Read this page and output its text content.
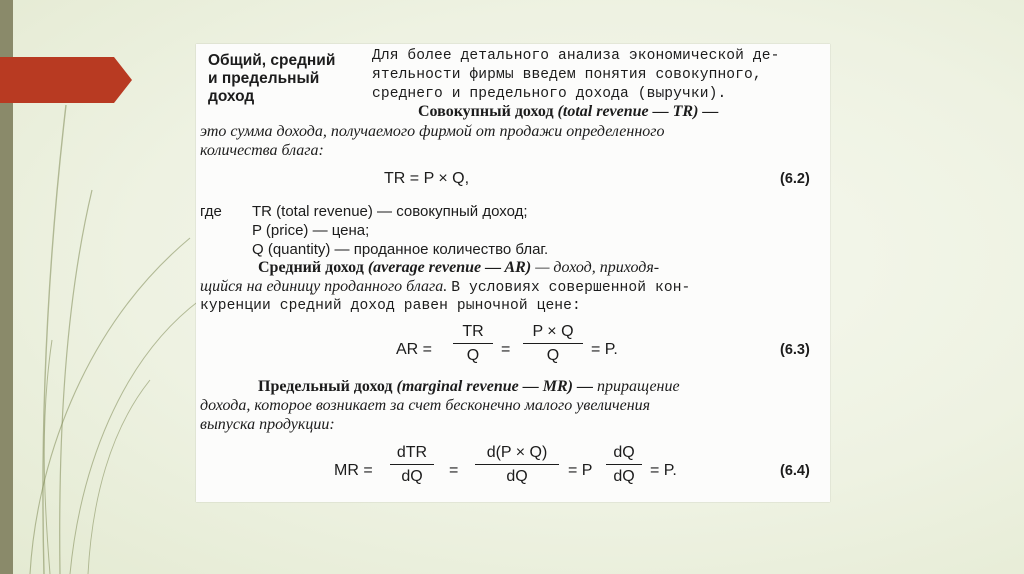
Общий, средний
и предельный
доход
Для более детального анализа экономической де-
ятельности фирмы введем понятия совокупного,
среднего и предельного дохода (выручки).
Совокупный доход (total revenue — TR) —
это сумма дохода, получаемого фирмой от продажи определенного
количества блага:
TR = P × Q,	(6.2)
где TR (total revenue) — совокупный доход;
P (price) — цена;
Q (quantity) — проданное количество благ.
Средний доход (average revenue — AR) — доход, приходя-
щийся на единицу проданного блага. В условиях совершенной кон-
куренции средний доход равен рыночной цене:
AR = $\frac{TR}{Q} = \frac{P \times Q}{Q} = P$.	(6.3)
Предельный доход (marginal revenue — MR) — приращение
дохода, которое возникает за счет бесконечно малого увеличения
выпуска продукции:
MR =
dTR
dQ	= $\frac{d(P \times Q)}{dQ} = P \frac{dQ}{dQ} = P$.	(6.4)
